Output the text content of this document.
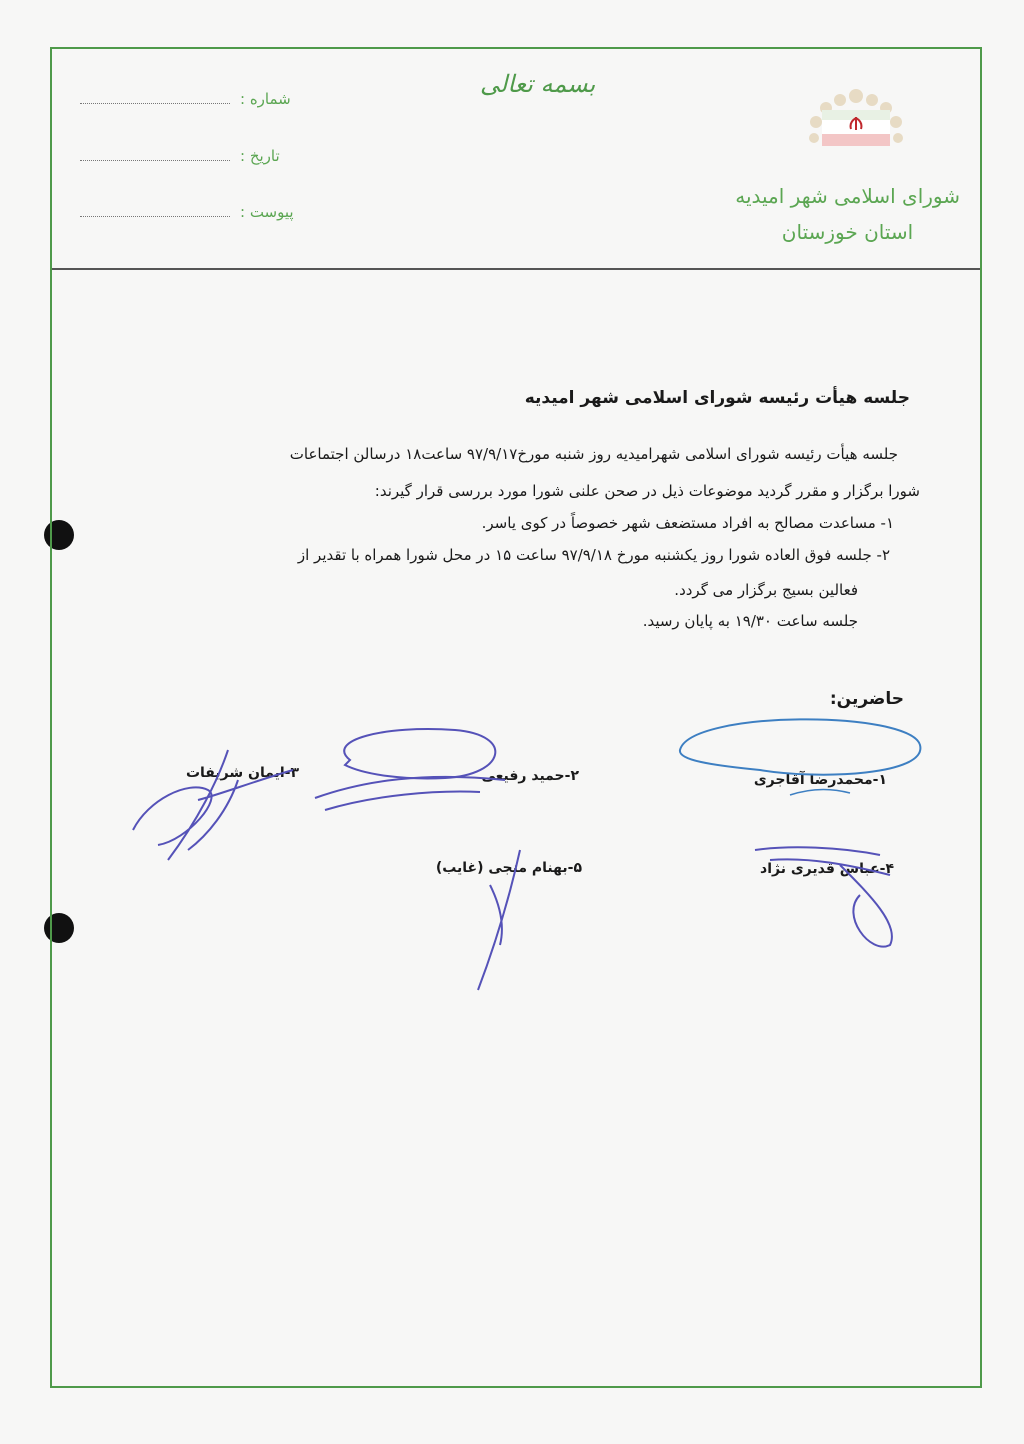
شماره :
تاریخ :
پیوست :
بسمه تعالی
شورای اسلامی شهر امیدیه
استان خوزستان
جلسه هیأت رئیسه شورای اسلامی شهر امیدیه
جلسه هیأت رئیسه شورای اسلامی شهرامیدیه روز شنبه مورخ۹۷/۹/۱۷ ساعت۱۸ درسالن اجتماعات
شورا برگزار و مقرر گردید موضوعات ذیل در صحن علنی شورا مورد بررسی قرار گیرند:
۱- مساعدت مصالح به افراد مستضعف شهر خصوصاً در کوی یاسر.
۲- جلسه فوق العاده شورا روز یکشنبه مورخ ۹۷/۹/۱۸ ساعت ۱۵ در محل شورا همراه با تقدیر از
فعالین بسیج برگزار می گردد.
جلسه ساعت ۱۹/۳۰ به پایان رسید.
حاضرین:
۱-محمدرضا آقاجری
۲-حمید رفیعی
۳-ایمان شریفات
۴-عباس قدیری نژاد
۵-بهنام منجی (غایب)
